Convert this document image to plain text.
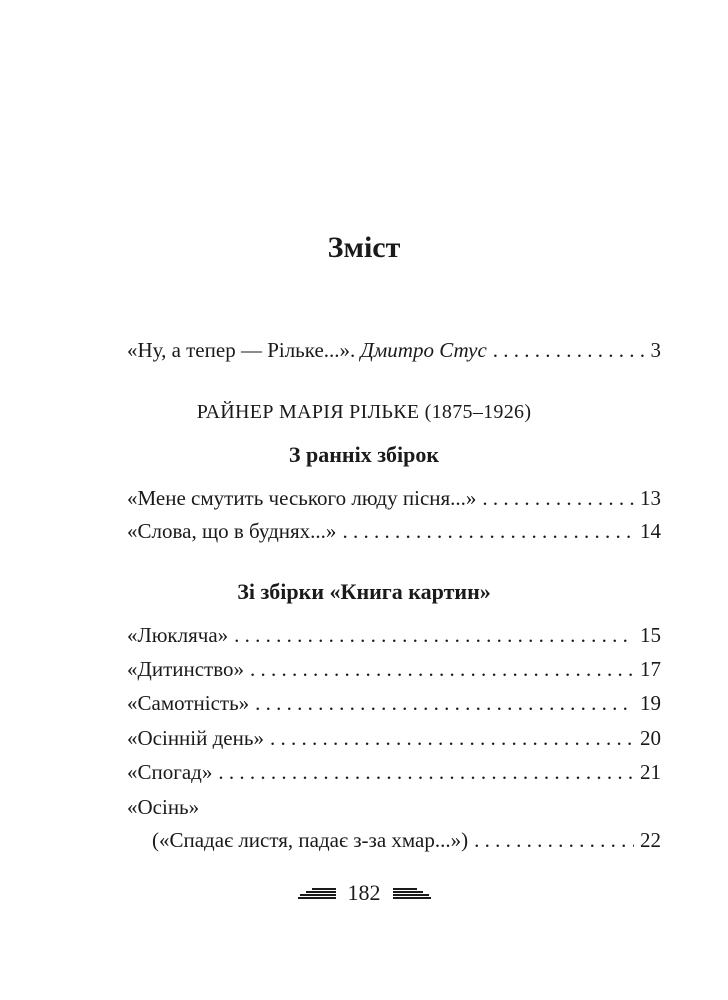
Зміст
«Ну, а тепер — Рільке...». Дмитро Стус . . .	3
РАЙНЕР МАРІЯ РІЛЬКЕ (1875–1926)
З ранніх збірок
«Мене смутить чеського люду пісня...» . . .	13
«Слова, що в буднях...» . . .	14
Зі збірки «Книга картин»
«Люкляча» . . .	15
«Дитинство» . . .	17
«Самотність» . . .	19
«Осінній день» . . .	20
«Спогад» . . .	21
«Осінь»
(«Спадає листя, падає з-за хмар...») . . .	22
182
